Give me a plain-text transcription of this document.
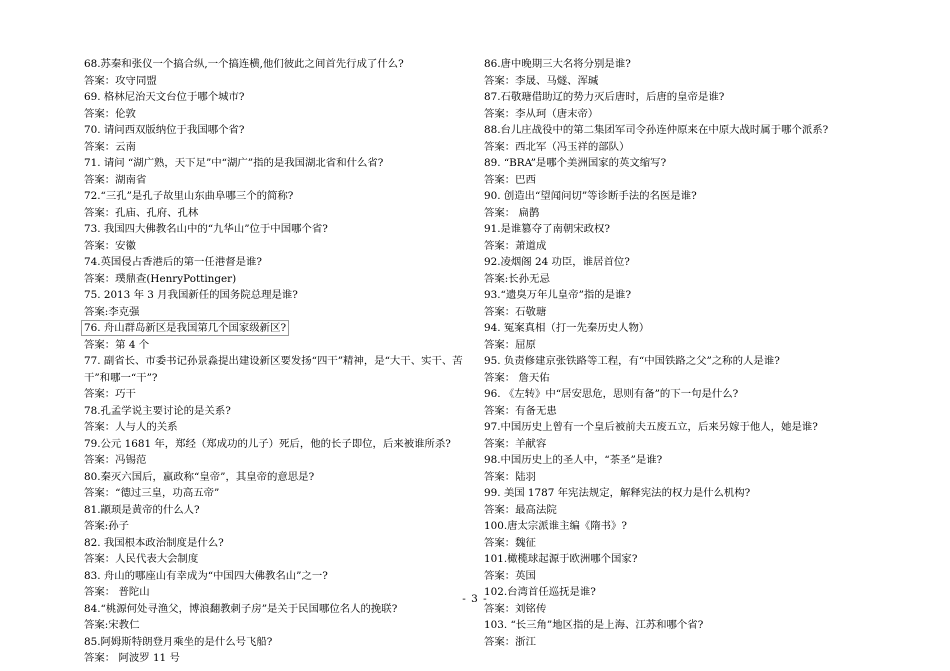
68.苏秦和张仪一个搞合纵,一个搞连横,他们彼此之间首先行成了什么?
答案：攻守同盟
69. 格林尼治天文台位于哪个城市?
答案：伦敦
70. 请问西双版纳位于我国哪个省?
答案：云南
71. 请问 “湖广熟，天下足”中“湖广”指的是我国湖北省和什么省?
答案：湖南省
72.“三孔”是孔子故里山东曲阜哪三个的简称?
答案：孔庙、孔府、孔林
73. 我国四大佛教名山中的“九华山”位于中国哪个省?
答案：安徽
74.英国侵占香港后的第一任港督是谁?
答案：璞鼎查(HenryPottinger)
75. 2013 年 3 月我国新任的国务院总理是谁?
答案:李克强
76. 舟山群岛新区是我国第几个国家级新区?
答案：第 4 个
77. 副省长、市委书记孙景淼提出建设新区要发扬“四干”精神，是“大干、实干、苦干”和哪一“干”?
答案：巧干
78.孔孟学说主要讨论的是关系?
答案：人与人的关系
79.公元 1681 年，郑经（郑成功的儿子）死后，他的长子即位，后来被谁所杀?
答案：冯锡范
80.秦灭六国后，嬴政称“皇帝”，其皇帝的意思是?
答案：“德过三皇，功高五帝”
81.颛顼是黄帝的什么人?
答案:孙子
82. 我国根本政治制度是什么?
答案：人民代表大会制度
83. 舟山的哪座山有幸成为“中国四大佛教名山”之一?
答案： 普陀山
84.“桃源何处寻渔父，博浪翻教刺子房”是关于民国哪位名人的挽联?
答案:宋教仁
85.阿姆斯特朗登月乘坐的是什么号飞船?
答案： 阿波罗 11 号
86.唐中晚期三大名将分别是谁?
答案：李晟、马燧、浑瑊
87.石敬瑭借助辽的势力灭后唐时，后唐的皇帝是谁?
答案：李从珂（唐末帝）
88.台儿庄战役中的第二集团军司令孙连仲原来在中原大战时属于哪个派系?
答案：西北军（冯玉祥的部队）
89. “BRA”是哪个美洲国家的英文缩写?
答案：巴西
90. 创造出“望闻问切”等诊断手法的名医是谁?
答案： 扁鹊
91.是谁篡夺了南朝宋政权?
答案：萧道成
92.凌烟阁 24 功臣，谁居首位?
答案:长孙无忌
93.“遗臭万年儿皇帝”指的是谁?
答案：石敬瑭
94. 冤案真相（打一先秦历史人物）
答案：屈原
95. 负责修建京张铁路等工程，有“中国铁路之父”之称的人是谁?
答案： 詹天佑
96. 《左转》中“居安思危，思则有备”的下一句是什么?
答案：有备无患
97.中国历史上曾有一个皇后被前夫五废五立，后来另嫁于他人，她是谁?
答案：羊献容
98.中国历史上的圣人中，“茶圣”是谁?
答案：陆羽
99. 美国 1787 年宪法规定，解释宪法的权力是什么机构?
答案：最高法院
100.唐太宗派谁主编《隋书》?
答案：魏征
101.橄榄球起源于欧洲哪个国家?
答案：英国
102.台湾首任巡抚是谁?
答案：刘铭传
103. “长三角”地区指的是上海、江苏和哪个省?
答案：浙江
- 3 -
